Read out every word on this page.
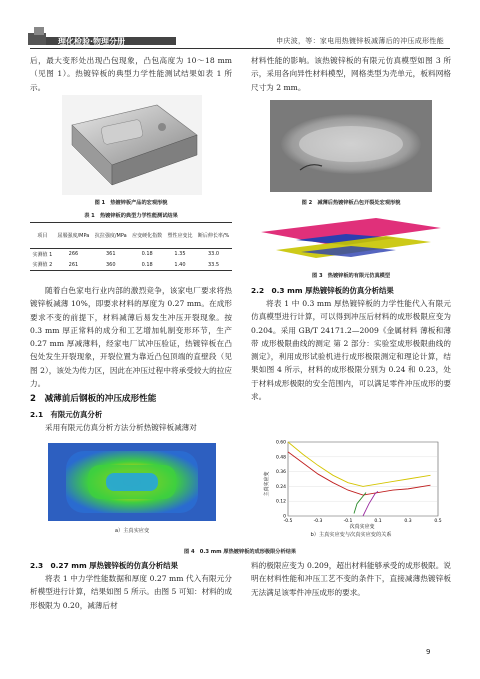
理化检验·物理分册	申庆波，等：家电用热镀锌板减薄后的冲压成形性能

后，最大变形处出现凸包现象，凸包高度为 10～18 mm（见图 1）。热镀锌板的典型力学性能测试结果如表 1 所示。

图 1　热镀锌板产品的宏观形貌
表 1　热镀锌板的典型力学性能测试结果
项目	屈服强度/MPa	抗拉强度/MPa	应变硬化指数	塑性应变比	断后伸长率/%
实测值 1	266	361	0.18	1.35	33.0
实测值 2	261	360	0.18	1.40	33.5

随着白色家电行业内部的激烈竞争，该家电厂要求将热镀锌板减薄 10%，即要求材料的厚度为 0.27 mm。在成形要求不变的前提下，材料减薄后易发生冲压开裂现象。按 0.3 mm 厚正常料的成分和工艺增加轧制变形环节，生产 0.27 mm 厚减薄料，经家电厂试冲压验证，热镀锌板在凸包处发生开裂现象，开裂位置为靠近凸包顶端的直壁段（见图 2），该处为传力区，因此在冲压过程中将承受较大的拉应力。

2　减薄前后钢板的冲压成形性能
2.1　有限元仿真分析

采用有限元仿真分析方法分析热镀锌板减薄对

材料性能的影响。该热镀锌板的有限元仿真模型如图 3 所示，采用各向异性材料模型，网格类型为壳单元，板料网格尺寸为 2 mm。

图 2　减薄后热镀锌板凸包开裂处宏观形貌
图 3　热镀锌板的有限元仿真模型
2.2　0.3 mm 厚热镀锌板的仿真分析结果

将表 1 中 0.3 mm 厚热镀锌板的力学性能代入有限元仿真模型进行计算，可以得到冲压后材料的成形极限应变为 0.204。采用 GB/T 24171.2—2009《金属材料 薄板和薄带 成形极限曲线的测定 第 2 部分：实验室成形极限曲线的测定》，利用成形试验机进行成形极限测定和理论计算，结果如图 4 所示，材料的成形极限分别为 0.24 和 0.23，处于材料成形极限的安全范围内，可以满足零件冲压成形的要求。

a）主真实应变
0
0.12
0.24
0.36
0.48
0.60
-0.5	-0.3	-0.1	0.1	0.3	0.5
主真实应变
次真实应变
b）主真实应变与次真实应变的关系
图 4　0.3 mm 厚热镀锌板的成形极限分析结果
2.3　0.27 mm 厚热镀锌板的仿真分析结果

将表 1 中力学性能数据和厚度 0.27 mm 代入有限元分析模型进行计算，结果如图 5 所示。由图 5 可知：材料的成形极限为 0.20，减薄后材

料的极限应变为 0.209，超出材料能够承受的成形极限。说明在材料性能和冲压工艺不变的条件下，直接减薄热镀锌板无法满足该零件冲压成形的要求。

9
